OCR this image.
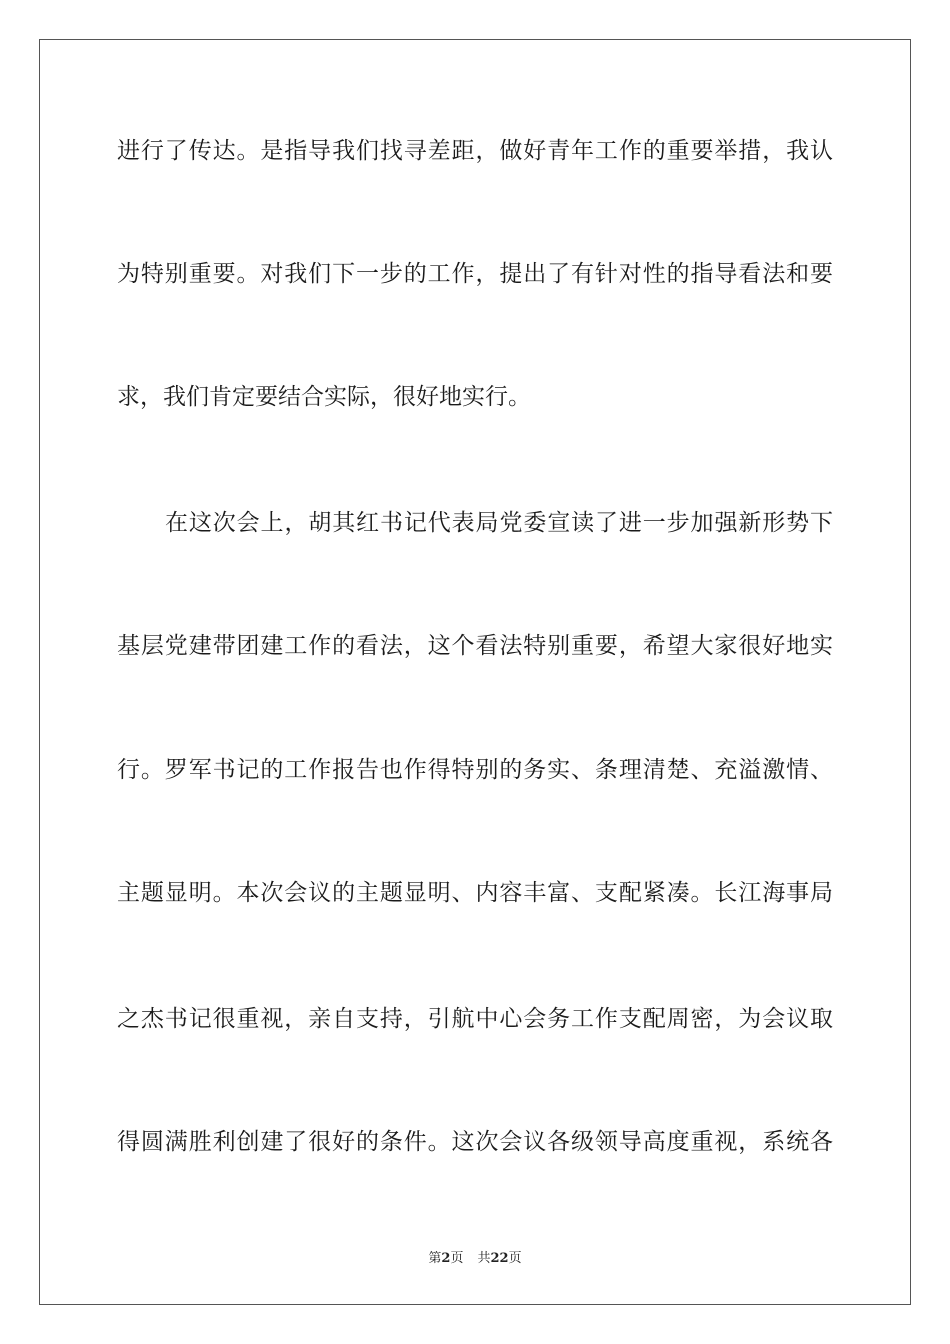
进行了传达。是指导我们找寻差距，做好青年工作的重要举措，我认
为特别重要。对我们下一步的工作，提出了有针对性的指导看法和要
求，我们肯定要结合实际，很好地实行。
在这次会上，胡其红书记代表局党委宣读了进一步加强新形势下
基层党建带团建工作的看法，这个看法特别重要，希望大家很好地实
行。罗军书记的工作报告也作得特别的务实、条理清楚、充溢激情、
主题显明。本次会议的主题显明、内容丰富、支配紧凑。长江海事局
之杰书记很重视，亲自支持，引航中心会务工作支配周密，为会议取
得圆满胜利创建了很好的条件。这次会议各级领导高度重视，系统各
第2页 共22页
